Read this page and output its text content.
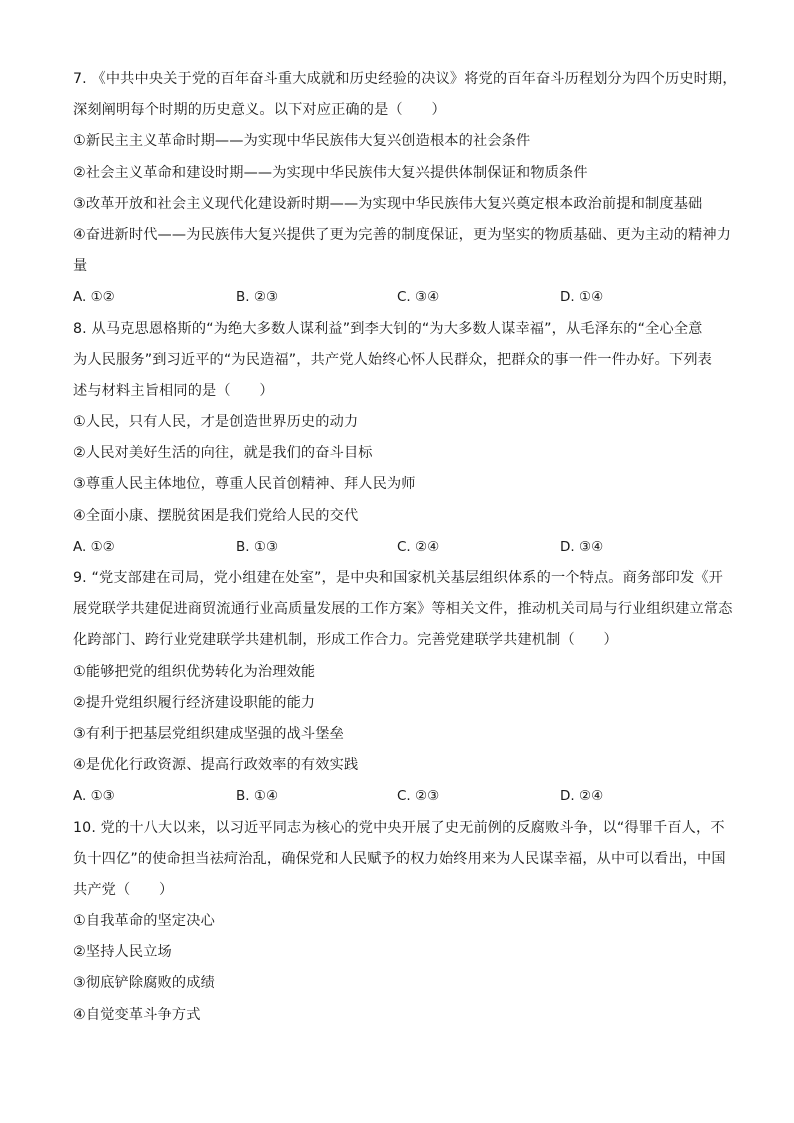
7. 《中共中央关于党的百年奋斗重大成就和历史经验的决议》将党的百年奋斗历程划分为四个历史时期，
深刻阐明每个时期的历史意义。以下对应正确的是（　　）
①新民主主义革命时期——为实现中华民族伟大复兴创造根本的社会条件
②社会主义革命和建设时期——为实现中华民族伟大复兴提供体制保证和物质条件
③改革开放和社会主义现代化建设新时期——为实现中华民族伟大复兴奠定根本政治前提和制度基础
④奋进新时代——为民族伟大复兴提供了更为完善的制度保证，更为坚实的物质基础、更为主动的精神力
量
A. ①②	B. ②③	C. ③④	D. ①④
8. 从马克思恩格斯的“为绝大多数人谋利益”到李大钊的“为大多数人谋幸福”，从毛泽东的“全心全意
为人民服务”到习近平的“为民造福”，共产党人始终心怀人民群众，把群众的事一件一件办好。下列表
述与材料主旨相同的是（　　）
①人民，只有人民，才是创造世界历史的动力
②人民对美好生活的向往，就是我们的奋斗目标
③尊重人民主体地位，尊重人民首创精神、拜人民为师
④全面小康、摆脱贫困是我们党给人民的交代
A. ①②	B. ①③	C. ②④	D. ③④
9. “党支部建在司局，党小组建在处室”，是中央和国家机关基层组织体系的一个特点。商务部印发《开
展党联学共建促进商贸流通行业高质量发展的工作方案》等相关文件，推动机关司局与行业组织建立常态
化跨部门、跨行业党建联学共建机制，形成工作合力。完善党建联学共建机制（　　）
①能够把党的组织优势转化为治理效能
②提升党组织履行经济建设职能的能力
③有利于把基层党组织建成坚强的战斗堡垒
④是优化行政资源、提高行政效率的有效实践
A. ①③	B. ①④	C. ②③	D. ②④
10. 党的十八大以来，以习近平同志为核心的党中央开展了史无前例的反腐败斗争，以“得罪千百人，不
负十四亿”的使命担当祛疴治乱，确保党和人民赋予的权力始终用来为人民谋幸福，从中可以看出，中国
共产党（　　）
①自我革命的坚定决心
②坚持人民立场
③彻底铲除腐败的成绩
④自觉变革斗争方式
